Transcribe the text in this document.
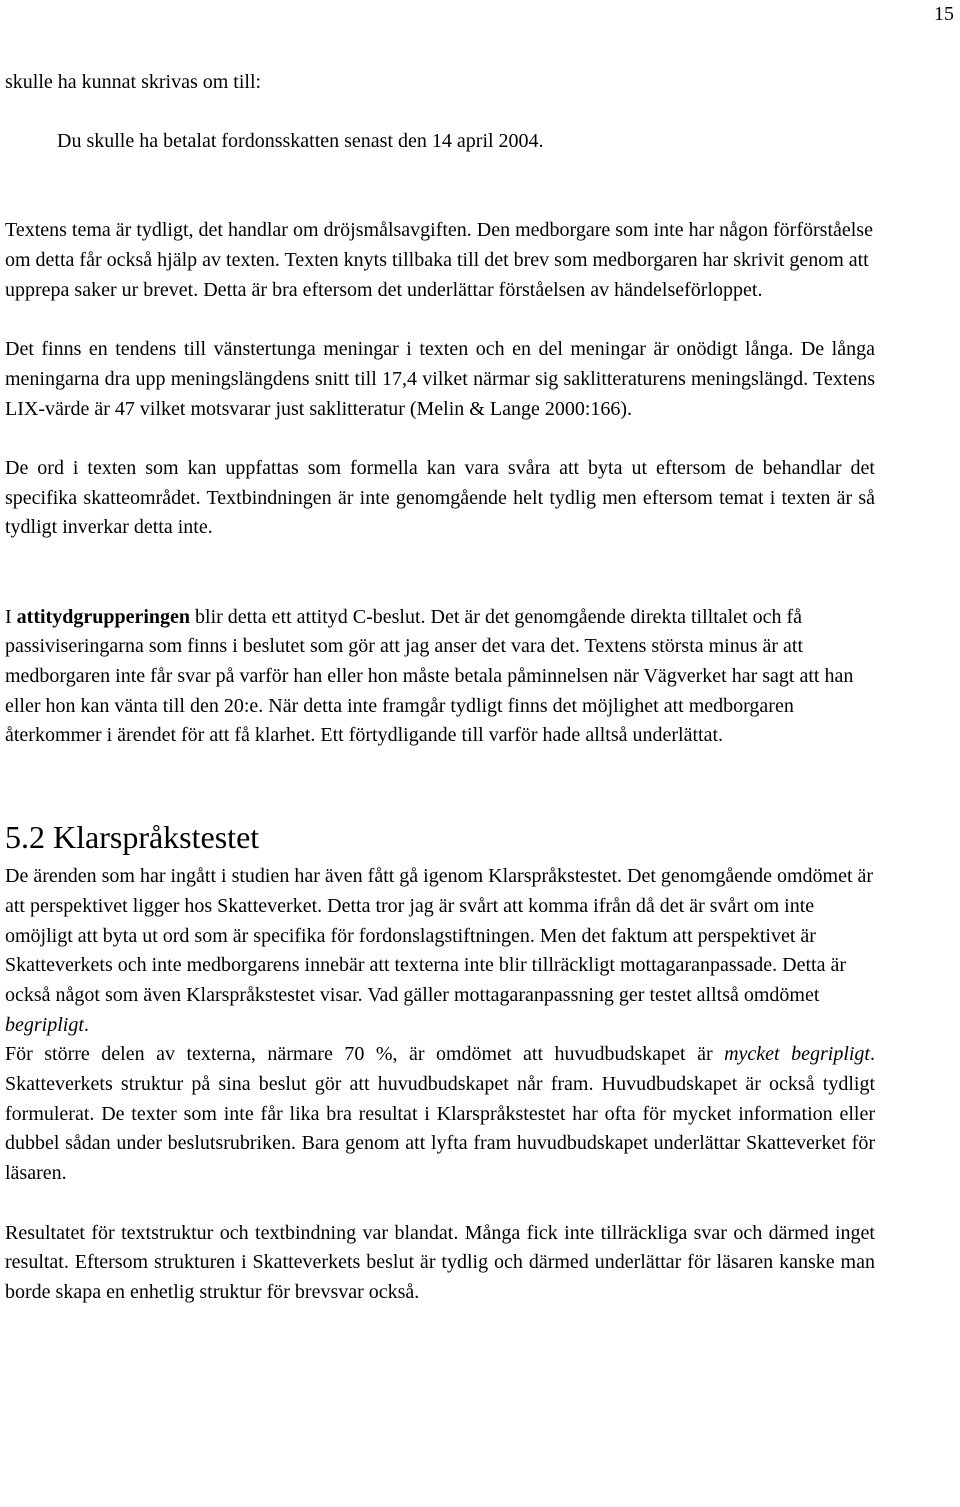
15

skulle ha kunnat skrivas om till:

Du skulle ha betalat fordonsskatten senast den 14 april 2004.

Textens tema är tydligt, det handlar om dröjsmålsavgiften. Den medborgare som inte har någon förförståelse om detta får också hjälp av texten. Texten knyts tillbaka till det brev som medborgaren har skrivit genom att upprepa saker ur brevet. Detta är bra eftersom det underlättar förståelsen av händelseförloppet.

Det finns en tendens till vänstertunga meningar i texten och en del meningar är onödigt långa. De långa meningarna dra upp meningslängdens snitt till 17,4 vilket närmar sig saklitteraturens meningslängd. Textens LIX-värde är 47 vilket motsvarar just saklitteratur (Melin & Lange 2000:166).

De ord i texten som kan uppfattas som formella kan vara svåra att byta ut eftersom de behandlar det specifika skatteområdet. Textbindningen är inte genomgående helt tydlig men eftersom temat i texten är så tydligt inverkar detta inte.

I attitydgrupperingen blir detta ett attityd C-beslut. Det är det genomgående direkta tilltalet och få passiviseringarna som finns i beslutet som gör att jag anser det vara det. Textens största minus är att medborgaren inte får svar på varför han eller hon måste betala påminnelsen när Vägverket har sagt att han eller hon kan vänta till den 20:e. När detta inte framgår tydligt finns det möjlighet att medborgaren återkommer i ärendet för att få klarhet. Ett förtydligande till varför hade alltså underlättat.

5.2 Klarspråkstestet

De ärenden som har ingått i studien har även fått gå igenom Klarspråkstestet. Det genomgående omdömet är att perspektivet ligger hos Skatteverket. Detta tror jag är svårt att komma ifrån då det är svårt om inte omöjligt att byta ut ord som är specifika för fordonslagstiftningen. Men det faktum att perspektivet är Skatteverkets och inte medborgarens innebär att texterna inte blir tillräckligt mottagaranpassade. Detta är också något som även Klarspråkstestet visar. Vad gäller mottagaranpassning ger testet alltså omdömet begripligt.

För större delen av texterna, närmare 70 %, är omdömet att huvudbudskapet är mycket begripligt. Skatteverkets struktur på sina beslut gör att huvudbudskapet når fram. Huvudbudskapet är också tydligt formulerat. De texter som inte får lika bra resultat i Klarspråkstestet har ofta för mycket information eller dubbel sådan under beslutsrubriken. Bara genom att lyfta fram huvudbudskapet underlättar Skatteverket för läsaren.

Resultatet för textstruktur och textbindning var blandat. Många fick inte tillräckliga svar och därmed inget resultat. Eftersom strukturen i Skatteverkets beslut är tydlig och därmed underlättar för läsaren kanske man borde skapa en enhetlig struktur för brevsvar också.
